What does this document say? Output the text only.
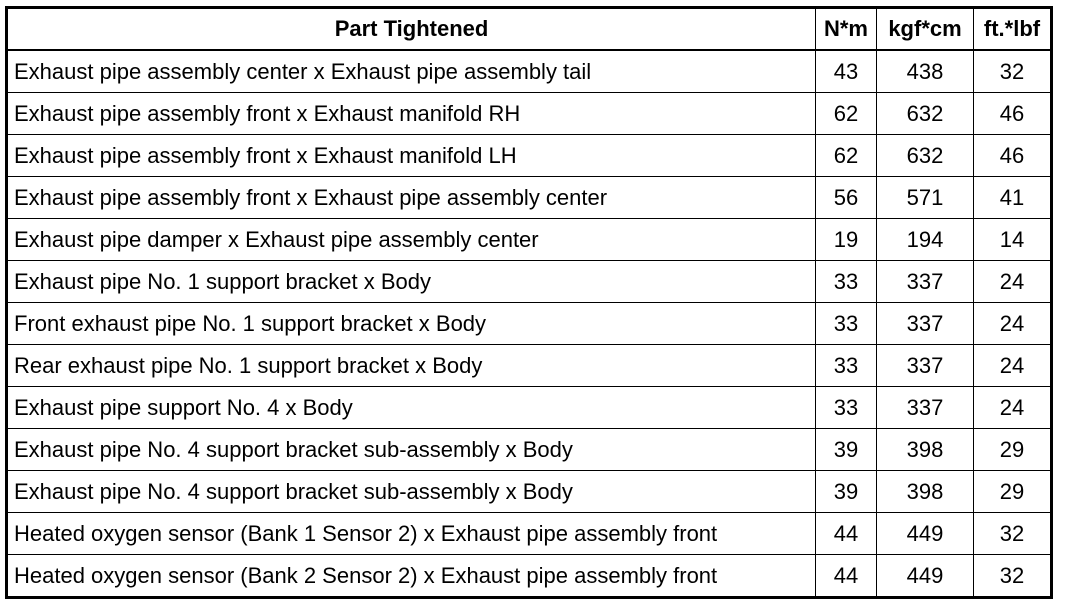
Part Tightened	N*m	kgf*cm	ft.*lbf
Exhaust pipe assembly center x Exhaust pipe assembly tail	43	438	32
Exhaust pipe assembly front x Exhaust manifold RH	62	632	46
Exhaust pipe assembly front x Exhaust manifold LH	62	632	46
Exhaust pipe assembly front x Exhaust pipe assembly center	56	571	41
Exhaust pipe damper x Exhaust pipe assembly center	19	194	14
Exhaust pipe No. 1 support bracket x Body	33	337	24
Front exhaust pipe No. 1 support bracket x Body	33	337	24
Rear exhaust pipe No. 1 support bracket x Body	33	337	24
Exhaust pipe support No. 4 x Body	33	337	24
Exhaust pipe No. 4 support bracket sub-assembly x Body	39	398	29
Exhaust pipe No. 4 support bracket sub-assembly x Body	39	398	29
Heated oxygen sensor (Bank 1 Sensor 2) x Exhaust pipe assembly front	44	449	32
Heated oxygen sensor (Bank 2 Sensor 2) x Exhaust pipe assembly front	44	449	32
